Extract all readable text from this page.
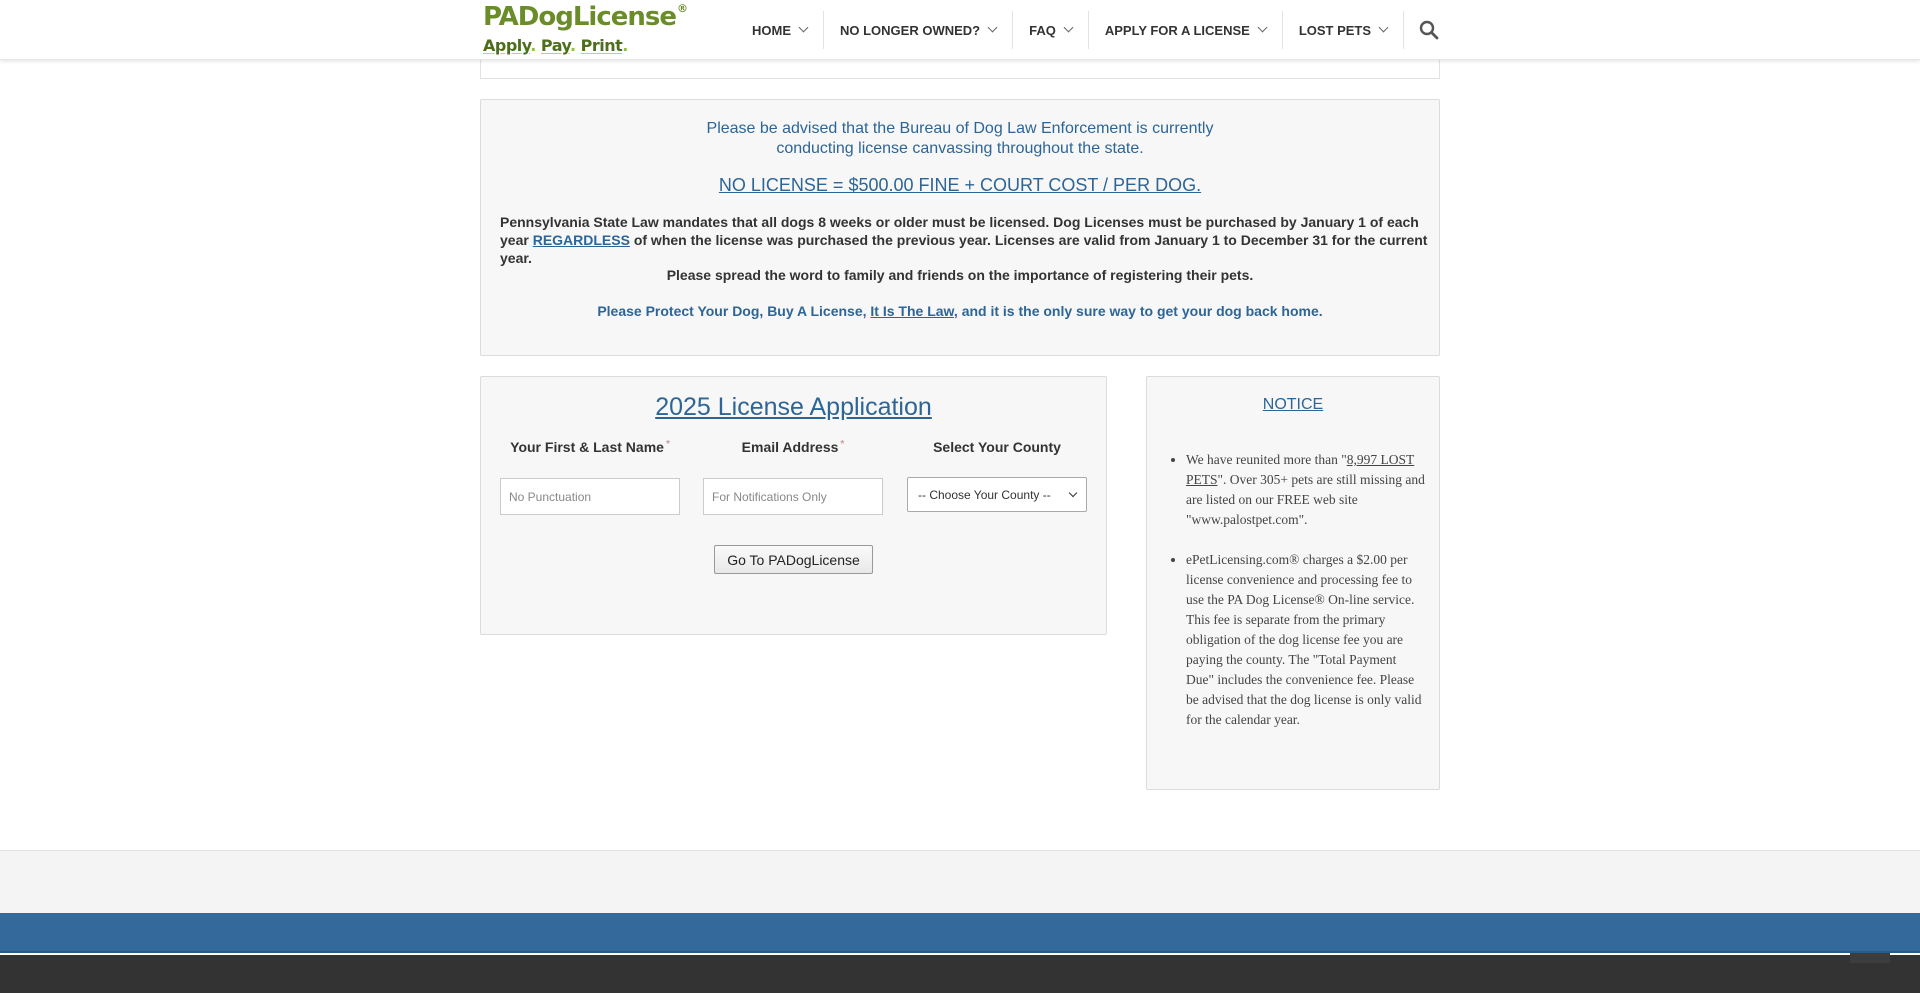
PADogLicense®
Apply. Pay. Print.
HOME	NO LONGER OWNED?	FAQ	APPLY FOR A LICENSE	LOST PETS
Please be advised that the Bureau of Dog Law Enforcement is currently
conducting license canvassing throughout the state.
NO LICENSE = $500.00 FINE + COURT COST / PER DOG.
Pennsylvania State Law mandates that all dogs 8 weeks or older must be licensed. Dog Licenses must be purchased by January 1 of each year REGARDLESS of when the license was purchased the previous year. Licenses are valid from January 1 to December 31 for the current year.
Please spread the word to family and friends on the importance of registering their pets.
Please Protect Your Dog, Buy A License, It Is The Law, and it is the only sure way to get your dog back home.
2025 License Application
Your First & Last Name *	Email Address *	Select Your County
No Punctuation	For Notifications Only	-- Choose Your County --
Go To PADogLicense
NOTICE
• We have reunited more than "8,997 LOST PETS". Over 305+ pets are still missing and are listed on our FREE web site "www.palostpet.com".
• ePetLicensing.com® charges a $2.00 per license convenience and processing fee to use the PA Dog License® On-line service. This fee is separate from the primary obligation of the dog license fee you are paying the county. The "Total Payment Due" includes the convenience fee. Please be advised that the dog license is only valid for the calendar year.
